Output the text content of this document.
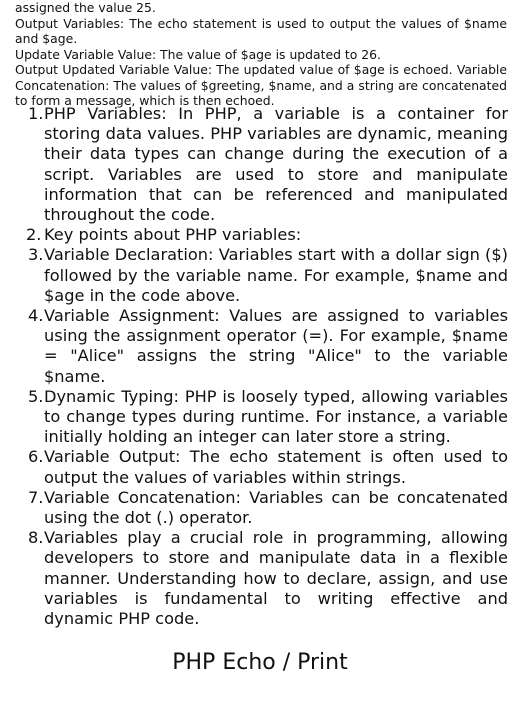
assigned the value 25.

Output Variables: The echo statement is used to output the values of $name and $age.

Update Variable Value: The value of $age is updated to 26.

Output Updated Variable Value: The updated value of $age is echoed. Variable Concatenation: The values of $greeting, $name, and a string are concatenated to form a message, which is then echoed.

1. PHP Variables: In PHP, a variable is a container for storing data values. PHP variables are dynamic, meaning their data types can change during the execution of a script. Variables are used to store and manipulate information that can be referenced and manipulated throughout the code.
2. Key points about PHP variables:
3. Variable Declaration: Variables start with a dollar sign ($) followed by the variable name. For example, $name and $age in the code above.
4. Variable Assignment: Values are assigned to variables using the assignment operator (=). For example, $name = "Alice" assigns the string "Alice" to the variable $name.
5. Dynamic Typing: PHP is loosely typed, allowing variables to change types during runtime. For instance, a variable initially holding an integer can later store a string.
6. Variable Output: The echo statement is often used to output the values of variables within strings.
7. Variable Concatenation: Variables can be concatenated using the dot (.) operator.
8. Variables play a crucial role in programming, allowing developers to store and manipulate data in a flexible manner. Understanding how to declare, assign, and use variables is fundamental to writing effective and dynamic PHP code.
PHP Echo / Print
